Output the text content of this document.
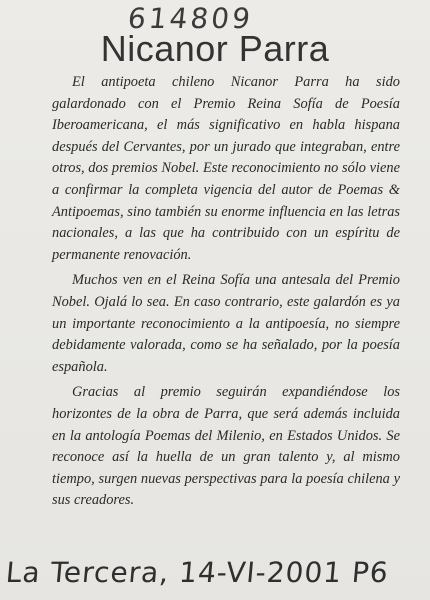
614809
Nicanor Parra

El antipoeta chileno Nicanor Parra ha sido galardonado con el Premio Reina Sofía de Poesía Iberoamericana, el más significativo en habla hispana después del Cervantes, por un jurado que integraban, entre otros, dos premios Nobel. Este reconocimiento no sólo viene a confirmar la completa vigencia del autor de Poemas & Antipoemas, sino también su enorme influencia en las letras nacionales, a las que ha contribuido con un espíritu de permanente renovación.

Muchos ven en el Reina Sofía una antesala del Premio Nobel. Ojalá lo sea. En caso contrario, este galardón es ya un importante reconocimiento a la antipoesía, no siempre debidamente valorada, como se ha señalado, por la poesía española.

Gracias al premio seguirán expandiéndose los horizontes de la obra de Parra, que será además incluida en la antología Poemas del Milenio, en Estados Unidos. Se reconoce así la huella de un gran talento y, al mismo tiempo, surgen nuevas perspectivas para la poesía chilena y sus creadores.

La Tercera, 14-VI-2001 P6
